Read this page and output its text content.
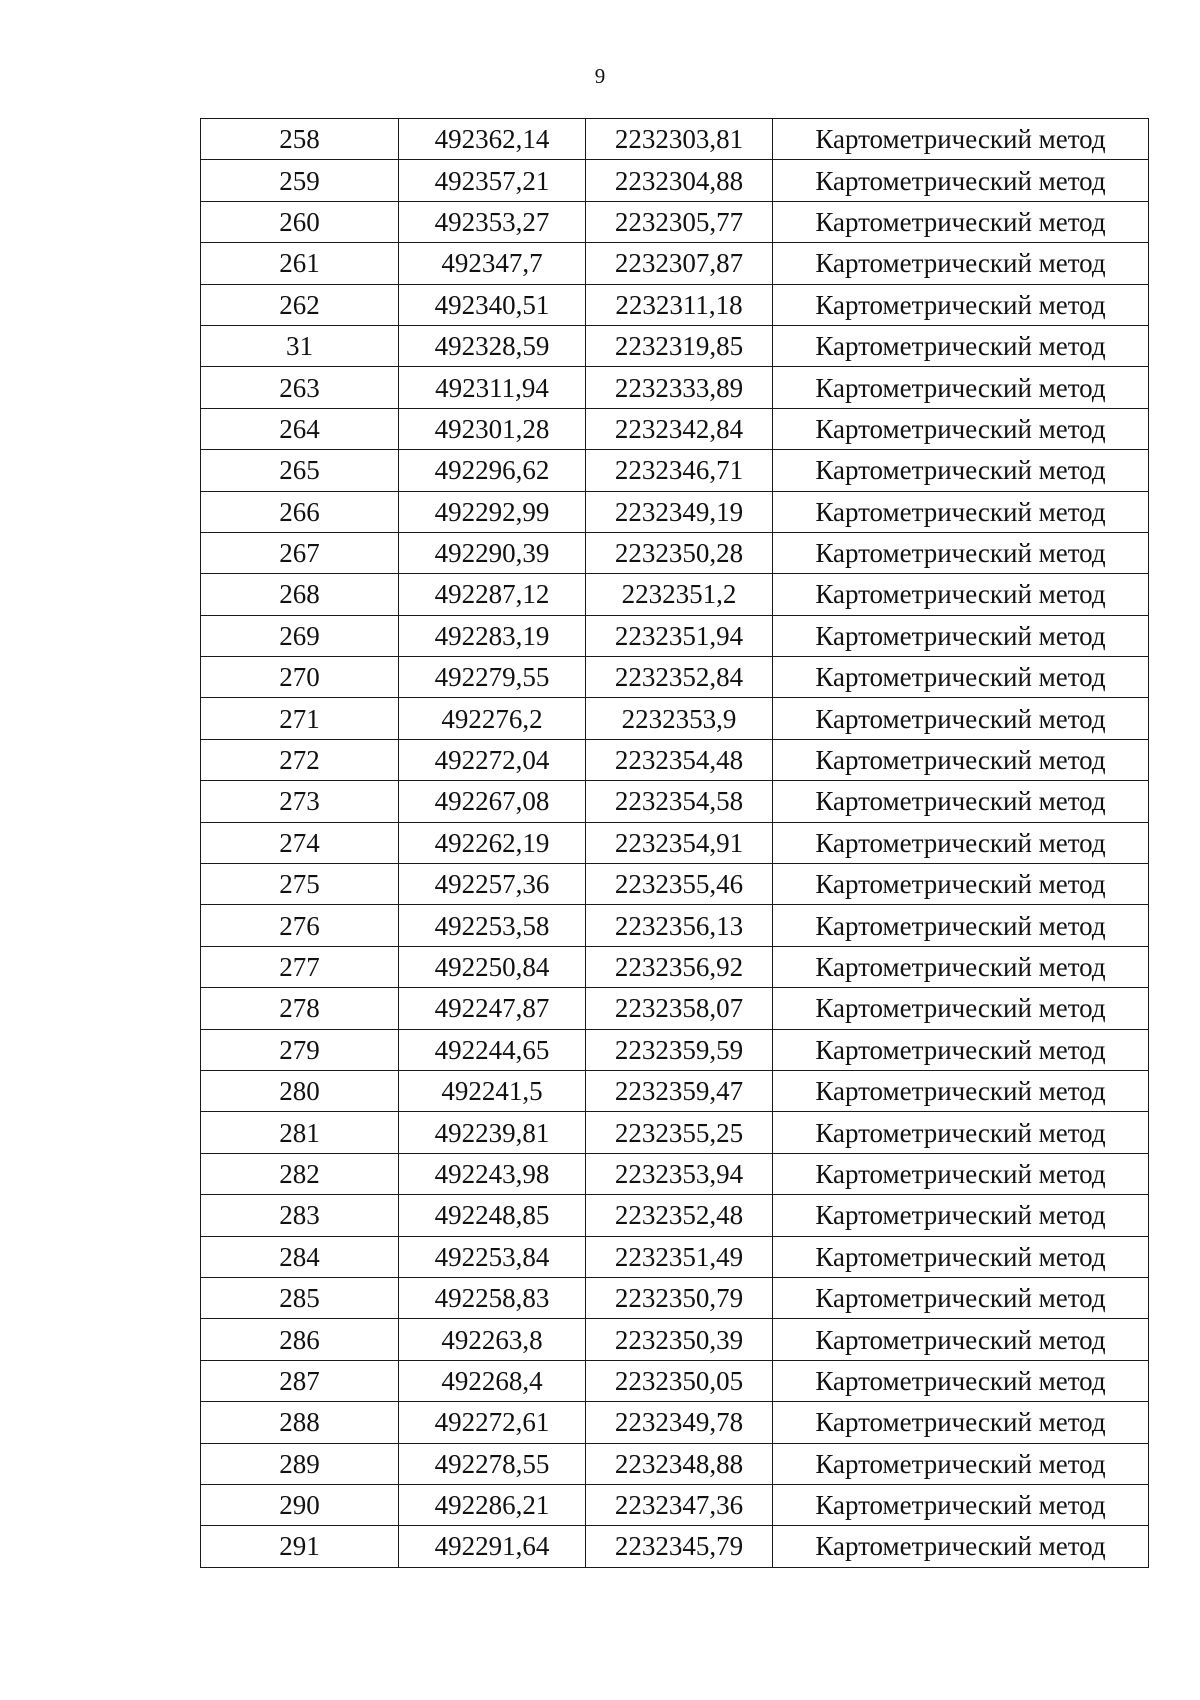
9
258	492362,14	2232303,81	Картометрический метод
259	492357,21	2232304,88	Картометрический метод
260	492353,27	2232305,77	Картометрический метод
261	492347,7	2232307,87	Картометрический метод
262	492340,51	2232311,18	Картометрический метод
31	492328,59	2232319,85	Картометрический метод
263	492311,94	2232333,89	Картометрический метод
264	492301,28	2232342,84	Картометрический метод
265	492296,62	2232346,71	Картометрический метод
266	492292,99	2232349,19	Картометрический метод
267	492290,39	2232350,28	Картометрический метод
268	492287,12	2232351,2	Картометрический метод
269	492283,19	2232351,94	Картометрический метод
270	492279,55	2232352,84	Картометрический метод
271	492276,2	2232353,9	Картометрический метод
272	492272,04	2232354,48	Картометрический метод
273	492267,08	2232354,58	Картометрический метод
274	492262,19	2232354,91	Картометрический метод
275	492257,36	2232355,46	Картометрический метод
276	492253,58	2232356,13	Картометрический метод
277	492250,84	2232356,92	Картометрический метод
278	492247,87	2232358,07	Картометрический метод
279	492244,65	2232359,59	Картометрический метод
280	492241,5	2232359,47	Картометрический метод
281	492239,81	2232355,25	Картометрический метод
282	492243,98	2232353,94	Картометрический метод
283	492248,85	2232352,48	Картометрический метод
284	492253,84	2232351,49	Картометрический метод
285	492258,83	2232350,79	Картометрический метод
286	492263,8	2232350,39	Картометрический метод
287	492268,4	2232350,05	Картометрический метод
288	492272,61	2232349,78	Картометрический метод
289	492278,55	2232348,88	Картометрический метод
290	492286,21	2232347,36	Картометрический метод
291	492291,64	2232345,79	Картометрический метод
